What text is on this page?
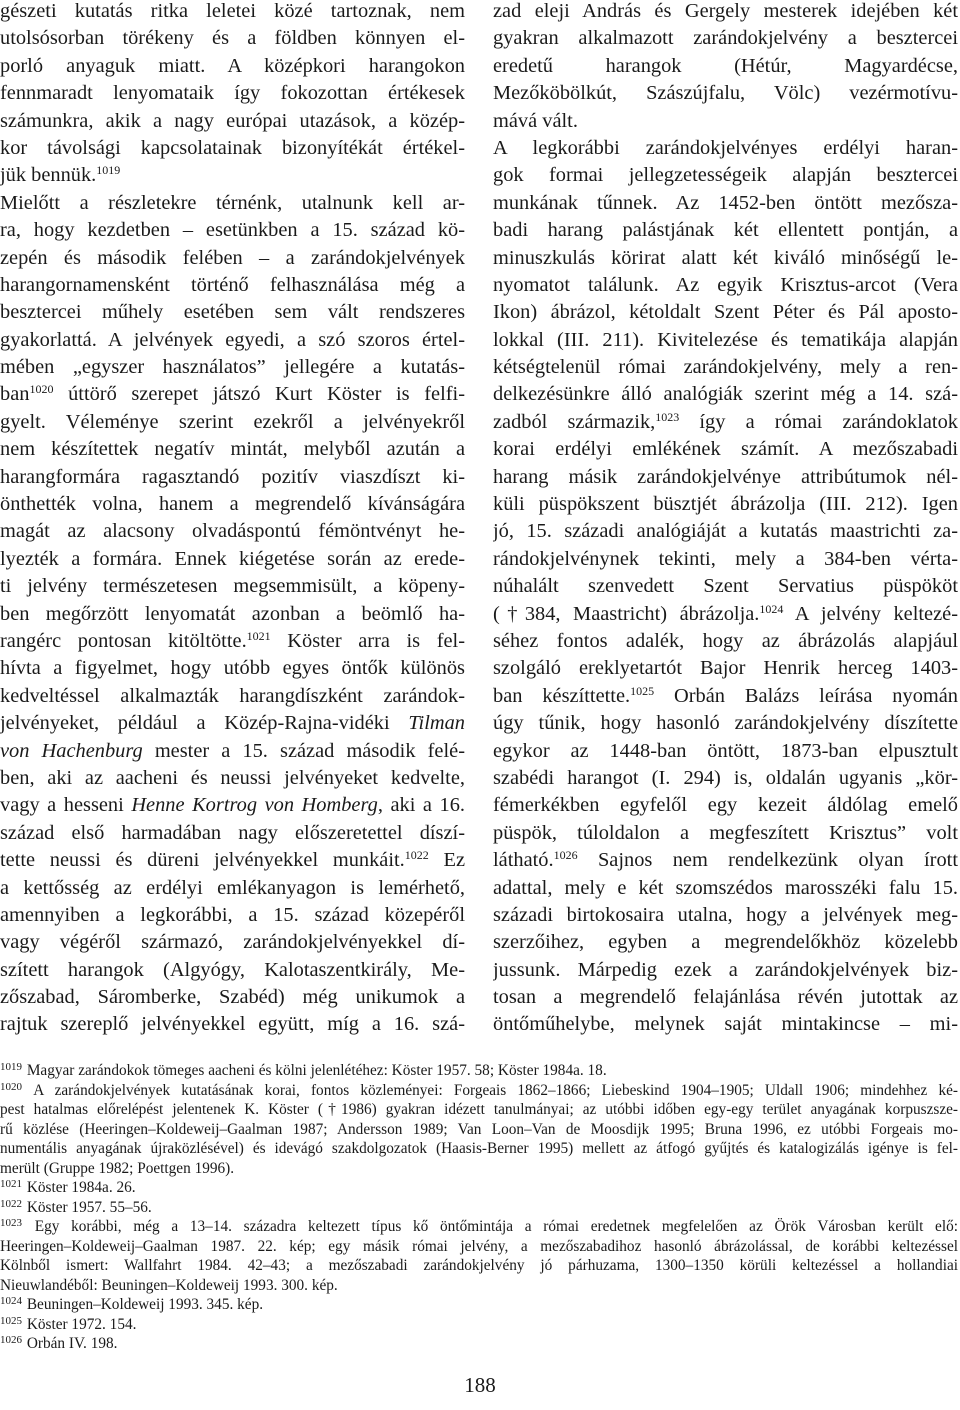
gészeti kutatás ritka leletei közé tartoznak, nem
utolsósorban törékeny és a földben könnyen el-
porló anyaguk miatt. A középkori harangokon
fennmaradt lenyomataik így fokozottan értékesek
számunkra, akik a nagy európai utazások, a közép-
kor távolsági kapcsolatainak bizonyítékát értékel-
jük bennük.$^{1019}$
Mielőtt a részletekre térnénk, utalnunk kell ar-
ra, hogy kezdetben – esetünkben a 15. század kö-
zepén és második felében – a zarándokjelvények
harangornamensként történő felhasználása még a
besztercei műhely esetében sem vált rendszeres
gyakorlattá. A jelvények egyedi, a szó szoros értel-
mében „egyszer használatos” jellegére a kutatás-
ban$^{1020}$ úttörő szerepet játszó Kurt Köster is felfi-
gyelt. Véleménye szerint ezekről a jelvényekről
nem készítettek negatív mintát, melyből azután a
harangformára ragasztandó pozitív viaszdíszt ki-
önthették volna, hanem a megrendelő kívánságára
magát az alacsony olvadáspontú fémöntvényt he-
lyezték a formára. Ennek kiégetése során az erede-
ti jelvény természetesen megsemmisült, a köpeny-
ben megőrzött lenyomatát azonban a beömlő ha-
rangérc pontosan kitöltötte.$^{1021}$ Köster arra is fel-
hívta a figyelmet, hogy utóbb egyes öntők különös
kedveltéssel alkalmazták harangdíszként zarándok-
jelvényeket, például a Közép-Rajna-vidéki Tilman
von Hachenburg mester a 15. század második felé-
ben, aki az aacheni és neussi jelvényeket kedvelte,
vagy a hesseni Henne Kortrog von Homberg, aki a 16.
század első harmadában nagy előszeretettel díszí-
tette neussi és düreni jelvényekkel munkáit.$^{1022}$ Ez
a kettősség az erdélyi emlékanyagon is lemérhető,
amennyiben a legkorábbi, a 15. század közepéről
vagy végéről származó, zarándokjelvényekkel dí-
szített harangok (Algyógy, Kalotaszentkirály, Me-
zőszabad, Sáromberke, Szabéd) még unikumok a
rajtuk szereplő jelvényekkel együtt, míg a 16. szá-
zad eleji András és Gergely mesterek idejében két
gyakran alkalmazott zarándokjelvény a besztercei
eredetű harangok (Hétúr, Magyardécse,
Mezőköbölkút, Szászújfalu, Völc) vezérmotívu-
mává vált.
A legkorábbi zarándokjelvényes erdélyi haran-
gok formai jellegzetességeik alapján besztercei
munkának tűnnek. Az 1452-ben öntött mezősza-
badi harang palástjának két ellentett pontján, a
minuszkulás körirat alatt két kiváló minőségű le-
nyomatot találunk. Az egyik Krisztus-arcot (Vera
Ikon) ábrázol, kétoldalt Szent Péter és Pál aposto-
lokkal (III. 211). Kivitelezése és tematikája alapján
kétségtelenül római zarándokjelvény, mely a ren-
delkezésünkre álló analógiák szerint még a 14. szá-
zadból származik,$^{1023}$ így a római zarándoklatok
korai erdélyi emlékének számít. A mezőszabadi
harang másik zarándokjelvénye attribútumok nél-
küli püspökszent büsztjét ábrázolja (III. 212). Igen
jó, 15. századi analógiáját a kutatás maastrichti za-
rándokjelvénynek tekinti, mely a 384-ben vérta-
núhalált szenvedett Szent Servatius püspököt
(†384, Maastricht) ábrázolja.$^{1024}$ A jelvény keltezé-
séhez fontos adalék, hogy az ábrázolás alapjául
szolgáló ereklyetartót Bajor Henrik herceg 1403-
ban készíttette.$^{1025}$ Orbán Balázs leírása nyomán
úgy tűnik, hogy hasonló zarándokjelvény díszítette
egykor az 1448-ban öntött, 1873-ban elpusztult
szabédi harangot (I. 294) is, oldalán ugyanis „kör-
fémerkékben egyfelől egy kezeit áldólag emelő
püspök, túloldalon a megfeszített Krisztus” volt
látható.$^{1026}$ Sajnos nem rendelkezünk olyan írott
adattal, mely e két szomszédos marosszéki falu 15.
századi birtokosaira utalna, hogy a jelvények meg-
szerzőihez, egyben a megrendelőkhöz közelebb
jussunk. Márpedig ezek a zarándokjelvények biz-
tosan a megrendelő felajánlása révén jutottak az
öntőműhelybe, melynek saját mintakincse – mi-
$^{1019}$ Magyar zarándokok tömeges aacheni és kölni jelenlétéhez: Köster 1957. 58; Köster 1984a. 18.
$^{1020}$ A zarándokjelvények kutatásának korai, fontos közleményei: Forgeais 1862–1866; Liebeskind 1904–1905; Uldall 1906; mindehhez ké-
pest hatalmas előrelépést jelentenek K. Köster (†1986) gyakran idézett tanulmányai; az utóbbi időben egy-egy terület anyagának korpuszsze-
rű közlése (Heeringen–Koldeweij–Gaalman 1987; Andersson 1989; Van Loon–Van de Moosdijk 1995; Bruna 1996, ez utóbbi Forgeais mo-
numentális anyagának újraközlésével) és idevágó szakdolgozatok (Haasis-Berner 1995) mellett az átfogó gyűjtés és katalogizálás igénye is fel-
merült (Gruppe 1982; Poettgen 1996).
$^{1021}$ Köster 1984a. 26.
$^{1022}$ Köster 1957. 55–56.
$^{1023}$ Egy korábbi, még a 13–14. századra keltezett típus kő öntőmintája a római eredetnek megfelelően az Örök Városban került elő:
Heeringen–Koldeweij–Gaalman 1987. 22. kép; egy másik római jelvény, a mezőszabadihoz hasonló ábrázolással, de korábbi keltezéssel
Kölnből ismert: Wallfahrt 1984. 42–43; a mezőszabadi zarándokjelvény jó párhuzama, 1300–1350 körüli keltezéssel a hollandiai
Nieuwlandéből: Beuningen–Koldeweij 1993. 300. kép.
$^{1024}$ Beuningen–Koldeweij 1993. 345. kép.
$^{1025}$ Köster 1972. 154.
$^{1026}$ Orbán IV. 198.
188
